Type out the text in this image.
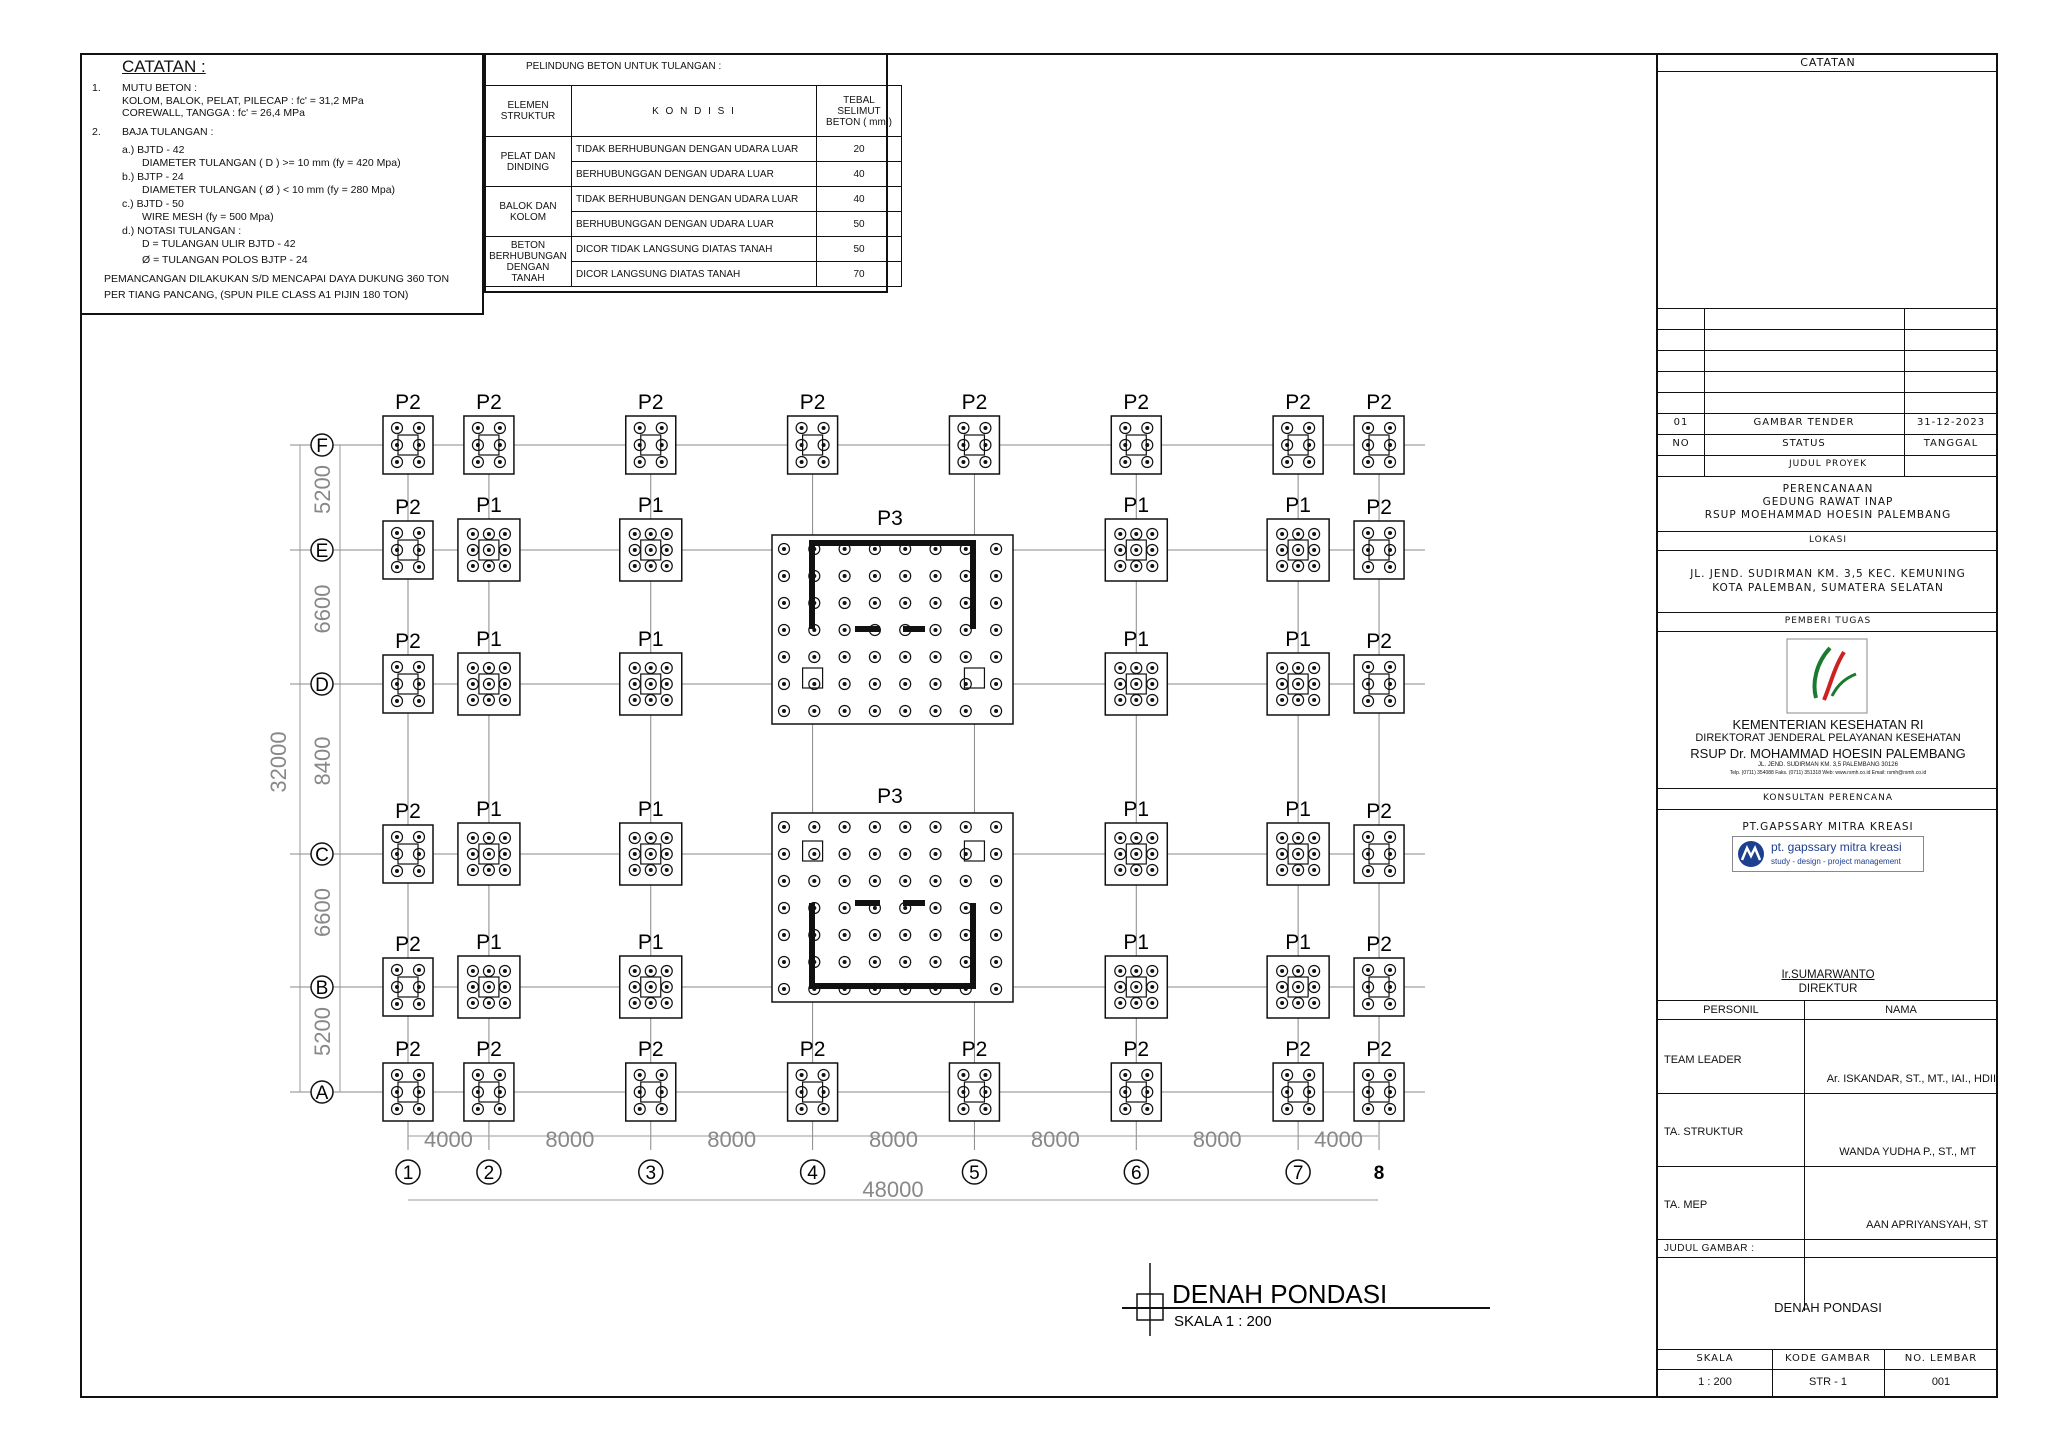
CATATAN :
1. MUTU BETON :
KOLOM, BALOK, PELAT, PILECAP : fc' = 31,2 MPa
COREWALL, TANGGA : fc' = 26,4 MPa
2. BAJA TULANGAN :
a.) BJTD - 42
DIAMETER TULANGAN ( D ) >= 10 mm (fy = 420 Mpa)
b.) BJTP - 24
DIAMETER TULANGAN ( Ø ) < 10 mm (fy = 280 Mpa)
c.) BJTD - 50
WIRE MESH (fy = 500 Mpa)
d.) NOTASI TULANGAN :
D = TULANGAN ULIR BJTD - 42
Ø = TULANGAN POLOS BJTP - 24
PEMANCANGAN DILAKUKAN S/D MENCAPAI DAYA DUKUNG 360 TON
PER TIANG PANCANG, (SPUN PILE CLASS A1 PIJIN 180 TON)
PELINDUNG BETON UNTUK TULANGAN :
ELEMEN STRUKTUR	K O N D I S I	TEBAL SELIMUT BETON ( mm )
PELAT DAN DINDING	TIDAK BERHUBUNGAN DENGAN UDARA LUAR	20
	BERHUBUNGGAN DENGAN UDARA LUAR	40
BALOK DAN KOLOM	TIDAK BERHUBUNGAN DENGAN UDARA LUAR	40
	BERHUBUNGGAN DENGAN UDARA LUAR	50
BETON BERHUBUNGAN DENGAN TANAH	DICOR TIDAK LANGSUNG DIATAS TANAH	50
	DICOR LANGSUNG DIATAS TANAH	70
5200
6600
8400
6600
5200
32000
4000	8000	8000	8000	8000	8000	4000
48000
F
E
D
C
B
A
1	2	3	4	5	6	7	8
P2	P2	P2	P2	P2	P2	P2	P2
P2	P1	P1	P1	P1	P2
P2	P1	P1	P1	P1	P2
P2	P1	P1	P1	P1	P2
P2	P1	P1	P1	P1	P2
P2	P2	P2	P2	P2	P2	P2	P2
P3
P3
DENAH PONDASI
SKALA 1 : 200
CATATAN
01	GAMBAR TENDER	31-12-2023
NO	STATUS	TANGGAL
JUDUL PROYEK
PERENCANAAN
GEDUNG RAWAT INAP
RSUP MOEHAMMAD HOESIN PALEMBANG
LOKASI
JL. JEND. SUDIRMAN KM. 3,5 KEC. KEMUNING
KOTA PALEMBAN, SUMATERA SELATAN
PEMBERI TUGAS
KEMENTERIAN KESEHATAN RI
DIREKTORAT JENDERAL PELAYANAN KESEHATAN
RSUP Dr. MOHAMMAD HOESIN PALEMBANG
JL. JEND. SUDIRMAN KM. 3,5 PALEMBANG 30126
Telp. (0711) 354088 Faks. (0711) 351318 Web: www.rsmh.co.id Email: rsmh@rsmh.co.id
KONSULTAN PERENCANA
PT.GAPSSARY MITRA KREASI
pt. gapssary mitra kreasi
study - design - project management
Ir.SUMARWANTO
DIREKTUR
PERSONIL	NAMA
TEAM LEADER
Ar. ISKANDAR, ST., MT., IAI., HDII
TA. STRUKTUR
WANDA YUDHA P., ST., MT
TA. MEP
AAN APRIYANSYAH, ST
JUDUL GAMBAR :
DENAH PONDASI
SKALA	KODE GAMBAR	NO. LEMBAR
1 : 200	STR - 1	001
